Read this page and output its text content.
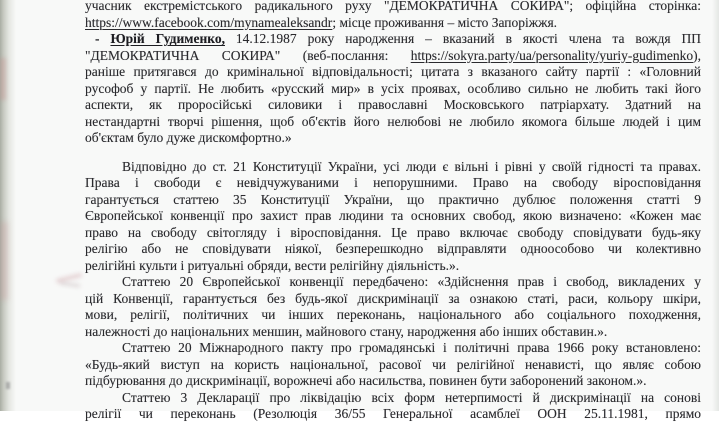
учасник екстремістського радикального руху "ДЕМОКРАТИЧНА СОКИРА"; офіційна сторінка:
https://www.facebook.com/mynamealeksandr; місце проживання – місто Запоріжжя.
- Юрій Гудименко, 14.12.1987 року народження – вказаний в якості члена та вождя ПП
"ДЕМОКРАТИЧНА СОКИРА" (веб-послання: https://sokyra.party/ua/personality/yuriy-gudimenko),
раніше притягався до кримінальної відповідальності; цитата з вказаного сайту партії : «Головний
русофоб у партії. Не любить «русский мир» в усіх проявах, особливо сильно не любить такі його
аспекти, як проросійські силовики і православні Московського патріархату. Здатний на
нестандартні творчі рішення, щоб об'єктів його нелюбові не любило якомога більше людей і цим
об'єктам було дуже дискомфортно.»
Відповідно до ст. 21 Конституції України, усі люди є вільні і рівні у своїй гідності та правах.
Права і свободи є невідчужуваними і непорушними. Право на свободу віросповідання
гарантується статтею 35 Конституції України, що практично дублює положення статті 9
Європейської конвенції про захист прав людини та основних свобод, якою визначено: «Кожен має
право на свободу світогляду і віросповідання. Це право включає свободу сповідувати будь-яку
релігію або не сповідувати ніякої, безперешкодно відправляти одноособово чи колективно
релігійні культи і ритуальні обряди, вести релігійну діяльність.».
Статтею 20 Європейської конвенції передбачено: «Здійснення прав і свобод, викладених у
цій Конвенції, гарантується без будь-якої дискримінації за ознакою статі, раси, кольору шкіри,
мови, релігії, політичних чи інших переконань, національного або соціального походження,
належності до національних меншин, майнового стану, народження або інших обставин.».
Статтею 20 Міжнародного пакту про громадянські і політичні права 1966 року встановлено:
«Будь-який виступ на користь національної, расової чи релігійної ненависті, що являє собою
підбурювання до дискримінації, ворожнечі або насильства, повинен бути заборонений законом.».
Статтею 3 Декларації про ліквідацію всіх форм нетерпимості й дискримінації на сонові
релігії чи переконань (Резолюція 36/55 Генеральної асамблеї ООН 25.11.1981, прямо
